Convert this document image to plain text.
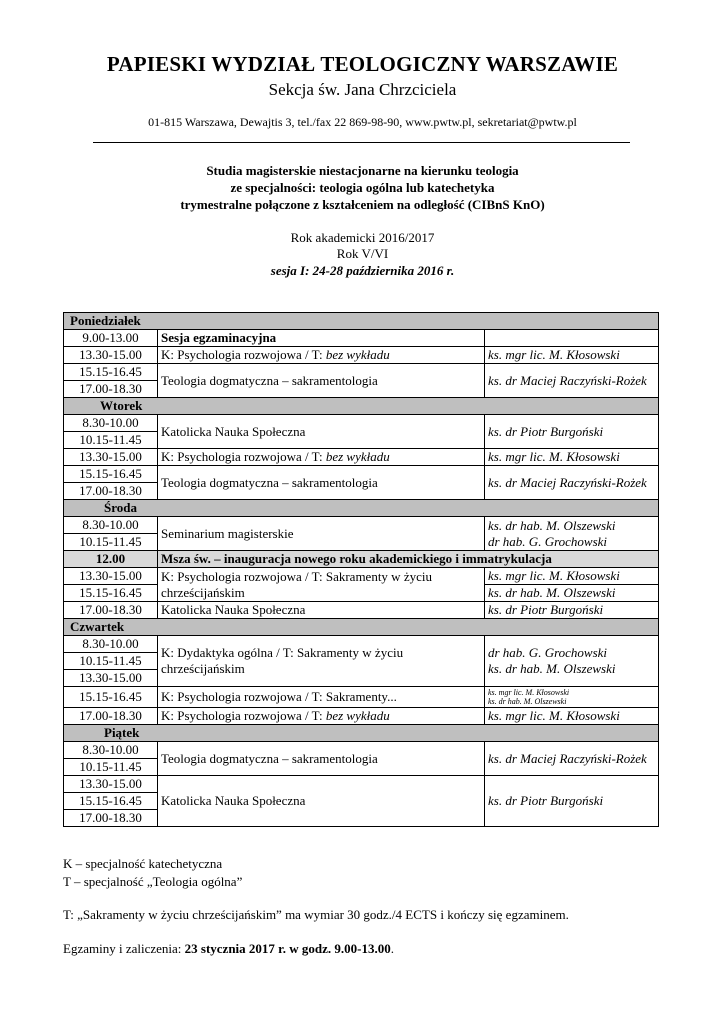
PAPIESKI WYDZIAŁ TEOLOGICZNY WARSZAWIE
Sekcja św. Jana Chrzciciela
01-815 Warszawa, Dewajtis 3, tel./fax 22 869-98-90, www.pwtw.pl, sekretariat@pwtw.pl
Studia magisterskie niestacjonarne na kierunku teologia
ze specjalności: teologia ogólna lub katechetyka
trymestralne połączone z kształceniem na odległość (CIBnS KnO)
Rok akademicki 2016/2017
Rok V/VI
sesja I: 24-28 października 2016 r.
Poniedziałek		
9.00-13.00	Sesja egzaminacyjna	
13.30-15.00	K: Psychologia rozwojowa / T: bez wykładu	ks. mgr lic. M. Kłosowski
15.15-16.45	Teologia dogmatyczna – sakramentologia	ks. dr Maciej Raczyński-Rożek
17.00-18.30		
Wtorek		
8.30-10.00	Katolicka Nauka Społeczna	ks. dr Piotr Burgoński
10.15-11.45		
13.30-15.00	K: Psychologia rozwojowa / T: bez wykładu	ks. mgr lic. M. Kłosowski
15.15-16.45	Teologia dogmatyczna – sakramentologia	ks. dr Maciej Raczyński-Rożek
17.00-18.30		
Środa		
8.30-10.00	Seminarium magisterskie	ks. dr hab. M. Olszewski
dr hab. G. Grochowski

10.15-11.45		
12.00	Msza św. – inauguracja nowego roku akademickiego i immatrykulacja	
13.30-15.00	K: Psychologia rozwojowa / T: Sakramenty w życiu chrześcijańskim	ks. mgr lic. M. Kłosowski
15.15-16.45		ks. dr hab. M. Olszewski
17.00-18.30	Katolicka Nauka Społeczna	ks. dr Piotr Burgoński
Czwartek		
8.30-10.00	K: Dydaktyka ogólna / T: Sakramenty w życiu chrześcijańskim	dr hab. G. Grochowski
ks. dr hab. M. Olszewski

10.15-11.45		
13.30-15.00		
15.15-16.45	K: Psychologia rozwojowa / T: Sakramenty...	ks. mgr lic. M. Kłosowski
ks. dr hab. M. Olszewski

17.00-18.30	K: Psychologia rozwojowa / T: bez wykładu	ks. mgr lic. M. Kłosowski
Piątek		
8.30-10.00	Teologia dogmatyczna – sakramentologia	ks. dr Maciej Raczyński-Rożek
10.15-11.45		
13.30-15.00	Katolicka Nauka Społeczna	ks. dr Piotr Burgoński
15.15-16.45		
17.00-18.30		
K – specjalność katechetyczna
T – specjalność „Teologia ogólna”
T: „Sakramenty w życiu chrześcijańskim” ma wymiar 30 godz./4 ECTS i kończy się egzaminem.
Egzaminy i zaliczenia: 23 stycznia 2017 r. w godz. 9.00-13.00.
